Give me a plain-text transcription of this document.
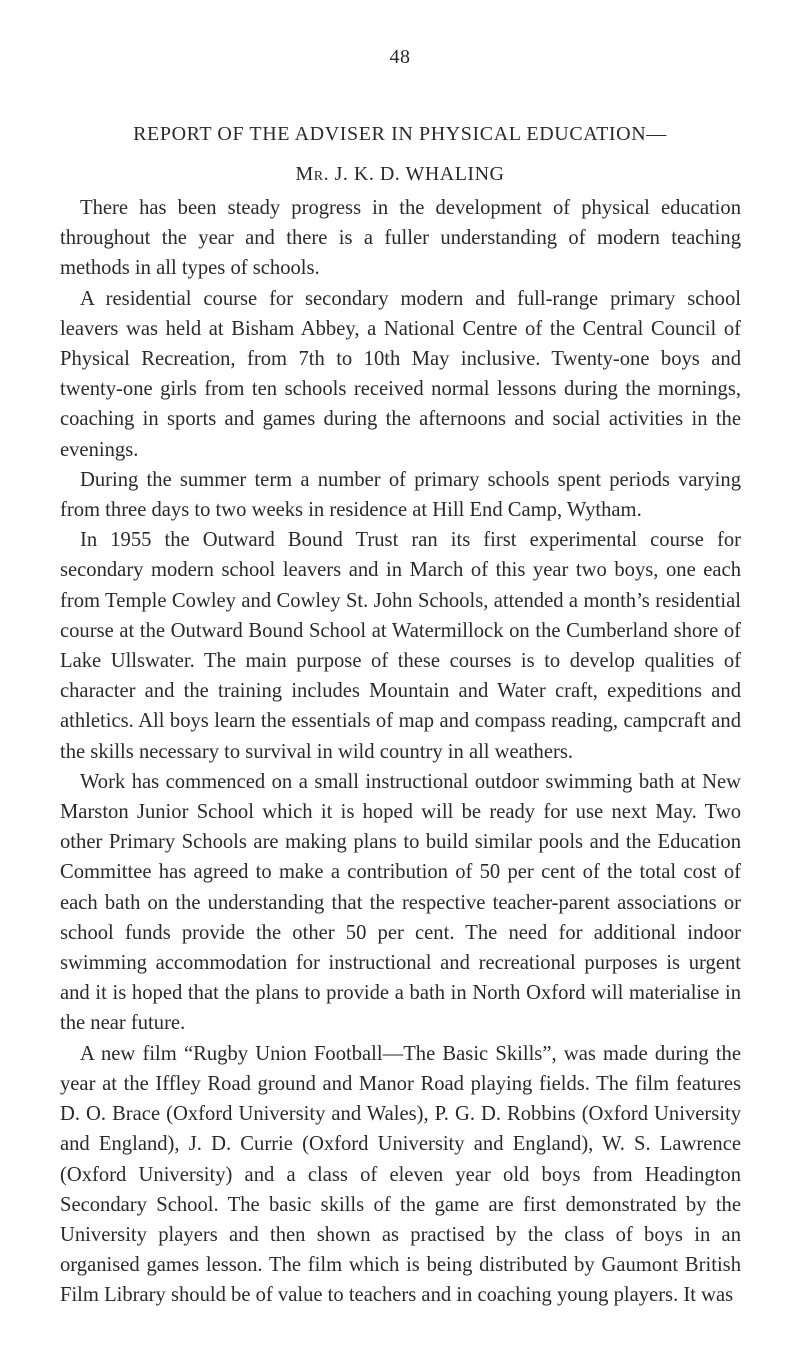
48
REPORT OF THE ADVISER IN PHYSICAL EDUCATION—
Mr. J. K. D. WHALING

There has been steady progress in the development of physical education throughout the year and there is a fuller understanding of modern teaching methods in all types of schools.

A residential course for secondary modern and full-range primary school leavers was held at Bisham Abbey, a National Centre of the Central Council of Physical Recreation, from 7th to 10th May inclusive. Twenty-one boys and twenty-one girls from ten schools received normal lessons during the mornings, coaching in sports and games during the afternoons and social activities in the evenings.

During the summer term a number of primary schools spent periods varying from three days to two weeks in residence at Hill End Camp, Wytham.

In 1955 the Outward Bound Trust ran its first experimental course for secondary modern school leavers and in March of this year two boys, one each from Temple Cowley and Cowley St. John Schools, attended a month’s residential course at the Outward Bound School at Watermillock on the Cumberland shore of Lake Ullswater. The main purpose of these courses is to develop qualities of character and the training includes Mountain and Water craft, expeditions and athletics. All boys learn the essentials of map and compass reading, campcraft and the skills necessary to survival in wild country in all weathers.

Work has commenced on a small instructional outdoor swimming bath at New Marston Junior School which it is hoped will be ready for use next May. Two other Primary Schools are making plans to build similar pools and the Education Committee has agreed to make a contribution of 50 per cent of the total cost of each bath on the understanding that the respective teacher-parent associations or school funds provide the other 50 per cent. The need for additional indoor swimming accommodation for instructional and recreational purposes is urgent and it is hoped that the plans to provide a bath in North Oxford will materialise in the near future.

A new film “Rugby Union Football—The Basic Skills”, was made during the year at the Iffley Road ground and Manor Road playing fields. The film features D. O. Brace (Oxford University and Wales), P. G. D. Robbins (Oxford University and England), J. D. Currie (Oxford University and England), W. S. Lawrence (Oxford University) and a class of eleven year old boys from Headington Secondary School. The basic skills of the game are first demonstrated by the University players and then shown as practised by the class of boys in an organised games lesson. The film which is being distributed by Gaumont British Film Library should be of value to teachers and in coaching young players. It was
